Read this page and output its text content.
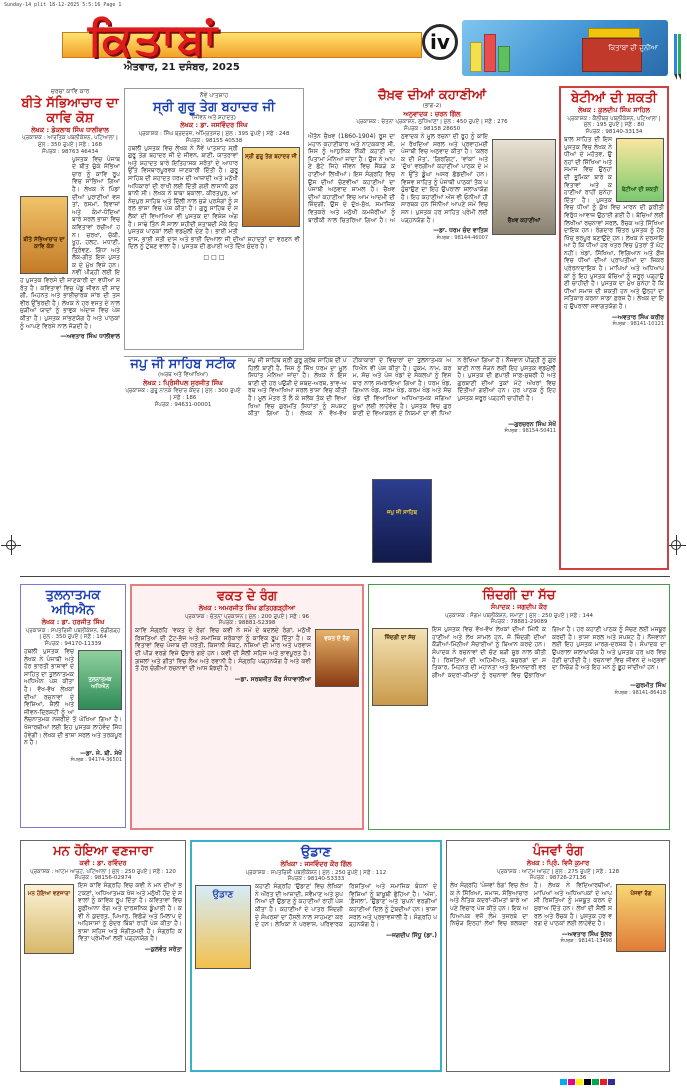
Sunday-14 plit 18-12-2025 5:5:16 Page 1
ਕਿਤਾਬਾਂ	iv
ਐਤਵਾਰ, 21 ਦਸੰਬਰ, 2025
ਕਿਤਾਬਾਂ ਦੀ ਦੁਨੀਆ
ਚਰਚਾ ਕਾਵਿ ਕਾਰ
ਬੀਤੇ ਸੱਭਿਆਚਾਰ ਦਾ ਕਾਵਿ ਕੋਸ਼
ਲੇਖਕ : ਡੋਕਲਾਬ ਸਿੰਘ ਧਾਲੀਵਾਲ
ਪ੍ਰਕਾਸ਼ਕ : ਆਰਤਿਕ ਪਬਲੀਕੇਸ਼ਨ, ਪਟਿਆਲਾ | ਮੁੱਲ : 350 ਰੁਪਏ | ਸਫ਼ੇ : 168
ਸੰਪਰਕ : 98763 46434
ਬੀਤੇ ਸੱਭਿਆਚਾਰ ਦਾ ਕਾਵਿ ਕੋਸ਼
ਪੁਸਤਕ ਵਿਚ ਪੰਜਾਬ ਦੇ ਬੀਤ ਚੁੱਕੇ ਸੱਭਿਆਚਾਰ ਨੂੰ ਕਾਵਿ ਰੂਪ ਵਿਚ ਸਾਂਭਿਆ ਗਿਆ ਹੈ। ਲੇਖਕ ਨੇ ਪਿੰਡਾਂ ਦੀਆਂ ਪੁਰਾਣੀਆਂ ਵਸਤਾਂ, ਰਸਮਾਂ, ਰਿਵਾਜਾਂ ਅਤੇ ਕੰਮਾਂ-ਧੰਦਿਆਂ ਬਾਰੇ ਸਰਲ ਭਾਸ਼ਾ ਵਿਚ ਕਵਿਤਾਵਾਂ ਰਚੀਆਂ ਹਨ। ਚਰਖਾ, ਚੱਕੀ, ਖੂਹ, ਹਲਟ, ਮਧਾਣੀ, ਤ੍ਰਿੰਞਣ, ਗਿੱਧਾ ਅਤੇ ਲੋਕ-ਗੀਤ ਇਸ ਪੁਸਤਕ ਦੇ ਮੁੱਖ ਵਿਸ਼ੇ ਹਨ। ਨਵੀਂ ਪੀੜ੍ਹੀ ਲਈ ਇਹ ਪੁਸਤਕ ਵਿਰਸੇ ਦੀ ਜਾਣਕਾਰੀ ਦਾ ਵਧੀਆ ਸਰੋਤ ਹੈ। ਕਵਿਤਾਵਾਂ ਵਿਚ ਪੇਂਡੂ ਜੀਵਨ ਦੀ ਸਾਦਗੀ, ਮਿਹਨਤ ਅਤੇ ਭਾਈਚਾਰਕ ਸਾਂਝ ਦੀ ਤਸਵੀਰ ਉੱਭਰਦੀ ਹੈ। ਲੇਖਕ ਨੇ ਹਰ ਵਸਤ ਦੇ ਨਾਲ ਜੁੜੀਆਂ ਯਾਦਾਂ ਨੂੰ ਭਾਵੁਕ ਅੰਦਾਜ਼ ਵਿਚ ਪੇਸ਼ ਕੀਤਾ ਹੈ। ਪੁਸਤਕ ਸਾਂਭਣਯੋਗ ਹੈ ਅਤੇ ਪਾਠਕਾਂ ਨੂੰ ਆਪਣੇ ਵਿਰਸੇ ਨਾਲ ਜੋੜਦੀ ਹੈ।
—ਅਵਤਾਰ ਸਿੰਘ ਧਾਲੀਵਾਲ
ਨੌਵੇਂ ਪਾਤਸ਼ਾਹ
ਸ੍ਰੀ ਗੁਰੂ ਤੇਗ ਬਹਾਦਰ ਜੀ
(ਜੀਵਨ ਅਤੇ ਸ਼ਹਾਦਤ)
ਲੇਖਕ : ਡਾ. ਜਸਵਿੰਦਰ ਸਿੰਘ
ਪ੍ਰਕਾਸ਼ਕ : ਸਿੰਘ ਬ੍ਰਦਰਜ਼, ਅੰਮ੍ਰਿਤਸਰ | ਮੁੱਲ : 395 ਰੁਪਏ | ਸਫ਼ੇ : 248
ਸੰਪਰਕ : 98155 40538
ਸ੍ਰੀ ਗੁਰੂ ਤੇਗ ਬਹਾਦਰ ਜੀ
ਹਥਲੀ ਪੁਸਤਕ ਵਿਚ ਲੇਖਕ ਨੇ ਨੌਵੇਂ ਪਾਤਸ਼ਾਹ ਸ੍ਰੀ ਗੁਰੂ ਤੇਗ ਬਹਾਦਰ ਜੀ ਦੇ ਜੀਵਨ, ਬਾਣੀ, ਯਾਤਰਾਵਾਂ ਅਤੇ ਸ਼ਹਾਦਤ ਬਾਰੇ ਇਤਿਹਾਸਕ ਸਰੋਤਾਂ ਦੇ ਆਧਾਰ ਉੱਤੇ ਵਿਸਥਾਰਪੂਰਵਕ ਜਾਣਕਾਰੀ ਦਿੱਤੀ ਹੈ। ਗੁਰੂ ਸਾਹਿਬ ਦੀ ਸ਼ਹਾਦਤ ਧਰਮ ਦੀ ਆਜ਼ਾਦੀ ਅਤੇ ਮਨੁੱਖੀ ਅਧਿਕਾਰਾਂ ਦੀ ਰਾਖੀ ਲਈ ਦਿੱਤੀ ਗਈ ਲਾਸਾਨੀ ਕੁਰਬਾਨੀ ਸੀ। ਲੇਖਕ ਨੇ ਬਾਬਾ ਬਕਾਲਾ, ਕੀਰਤਪੁਰ, ਆਨੰਦਪੁਰ ਸਾਹਿਬ ਅਤੇ ਦਿੱਲੀ ਨਾਲ ਜੁੜੇ ਪ੍ਰਸੰਗਾਂ ਨੂੰ ਸਰਲ ਭਾਸ਼ਾ ਵਿਚ ਪੇਸ਼ ਕੀਤਾ ਹੈ। ਗੁਰੂ ਸਾਹਿਬ ਦੇ ਸਲੋਕਾਂ ਦੀ ਵਿਆਖਿਆ ਵੀ ਪੁਸਤਕ ਦਾ ਵਿਸ਼ੇਸ਼ ਅੰਗ ਹੈ। ਸਾਢੇ ਤਿੰਨ ਸੌ ਸਾਲਾ ਸ਼ਹੀਦੀ ਸ਼ਤਾਬਦੀ ਮੌਕੇ ਇਹ ਪੁਸਤਕ ਪਾਠਕਾਂ ਲਈ ਵਡਮੁੱਲੀ ਦੇਣ ਹੈ। ਭਾਈ ਮਤੀ ਦਾਸ, ਭਾਈ ਸਤੀ ਦਾਸ ਅਤੇ ਭਾਈ ਦਿਆਲਾ ਜੀ ਦੀਆਂ ਸ਼ਹਾਦਤਾਂ ਦਾ ਵਰਣਨ ਵੀ ਦਿਲ ਨੂੰ ਟੁੰਬਣ ਵਾਲਾ ਹੈ। ਪੁਸਤਕ ਦੀ ਛਪਾਈ ਅਤੇ ਦਿੱਖ ਸੁੰਦਰ ਹੈ।
□ □ □
ਚੈਖ਼ਵ ਦੀਆਂ ਕਹਾਣੀਆਂ
(ਭਾਗ-2)
ਅਨੁਵਾਦਕ : ਚਰਨ ਗਿੱਲ
ਪ੍ਰਕਾਸ਼ਕ : ਚੇਤਨਾ ਪ੍ਰਕਾਸ਼ਨ, ਲੁਧਿਆਣਾ | ਮੁੱਲ : 450 ਰੁਪਏ | ਸਫ਼ੇ : 276
ਸੰਪਰਕ : 98158 28650
ਚੈਖ਼ਵ ਕਹਾਣੀਆਂ
ਐਂਤੋਨ ਚੈਖ਼ਵ (1860-1904) ਰੂਸ ਦਾ ਮਹਾਨ ਕਹਾਣੀਕਾਰ ਅਤੇ ਨਾਟਕਕਾਰ ਸੀ, ਜਿਸ ਨੂੰ ਆਧੁਨਿਕ ਨਿੱਕੀ ਕਹਾਣੀ ਦਾ ਪਿਤਾਮਾ ਮੰਨਿਆ ਜਾਂਦਾ ਹੈ। ਉਸ ਨੇ ਆਪਣੇ ਛੋਟੇ ਜਿਹੇ ਜੀਵਨ ਵਿਚ ਸੈਂਕੜੇ ਕਹਾਣੀਆਂ ਲਿਖੀਆਂ। ਇਸ ਸੰਗ੍ਰਹਿ ਵਿਚ ਉਸ ਦੀਆਂ ਚੋਣਵੀਆਂ ਕਹਾਣੀਆਂ ਦਾ ਪੰਜਾਬੀ ਅਨੁਵਾਦ ਸ਼ਾਮਲ ਹੈ। ਚੈਖ਼ਵ ਦੀਆਂ ਕਹਾਣੀਆਂ ਵਿਚ ਆਮ ਆਦਮੀ ਦੀ ਜ਼ਿੰਦਗੀ, ਉਸ ਦੇ ਦੁੱਖ-ਸੁੱਖ, ਸਮਾਜਿਕ ਵਿਤਕਰੇ ਅਤੇ ਮਨੁੱਖੀ ਕਮਜ਼ੋਰੀਆਂ ਨੂੰ ਬਾਰੀਕੀ ਨਾਲ ਚਿਤਰਿਆ ਗਿਆ ਹੈ। ਅਨੁਵਾਦਕ ਨੇ ਮੂਲ ਰਚਨਾ ਦੀ ਰੂਹ ਨੂੰ ਕਾਇਮ ਰੱਖਦਿਆਂ ਸਰਲ ਅਤੇ ਪ੍ਰਵਾਹਮਈ ਪੰਜਾਬੀ ਵਿਚ ਅਨੁਵਾਦ ਕੀਤਾ ਹੈ। 'ਕਲਰਕ ਦੀ ਮੌਤ', 'ਗਿਰਗਿਟ', 'ਵਾਂਕਾ' ਅਤੇ 'ਦੁੱਖ' ਵਰਗੀਆਂ ਕਹਾਣੀਆਂ ਪਾਠਕ ਦੇ ਮਨ ਉੱਤੇ ਡੂੰਘਾ ਅਸਰ ਛੱਡਦੀਆਂ ਹਨ। ਵਿਸ਼ਵ ਸਾਹਿਤ ਨੂੰ ਪੰਜਾਬੀ ਪਾਠਕਾਂ ਤੱਕ ਪਹੁੰਚਾਉਣ ਦਾ ਇਹ ਉਪਰਾਲਾ ਸ਼ਲਾਘਾਯੋਗ ਹੈ। ਇਹ ਕਹਾਣੀਆਂ ਅੱਜ ਵੀ ਓਨੀਆਂ ਹੀ ਸਾਰਥਕ ਹਨ ਜਿੰਨੀਆਂ ਆਪਣੇ ਸਮੇਂ ਵਿਚ ਸਨ। ਪੁਸਤਕ ਹਰ ਸਾਹਿਤ ਪ੍ਰੇਮੀ ਲਈ ਪੜ੍ਹਨਯੋਗ ਹੈ।
—ਡਾ. ਧਰਮ ਚੰਦ ਵਾਤਿਸ਼
ਸੰਪਰਕ : 98144-46007
ਬੇਟੀਆਂ ਦੀ ਸ਼ਕਤੀ
ਲੇਖਕ : ਕੁਲਦੀਪ ਸਿੰਘ ਸਾਹਿਲ
ਪ੍ਰਕਾਸ਼ਕ : ਕੈਲੀਬਰ ਪਬਲੀਕੇਸ਼ਨ, ਪਟਿਆਲਾ | ਮੁੱਲ : 195 ਰੁਪਏ | ਸਫ਼ੇ : 80
ਸੰਪਰਕ : 98140-33134
ਬੇਟੀਆਂ ਦੀ ਸ਼ਕਤੀ
ਬਾਲ ਸਾਹਿਤ ਦੀ ਇਸ ਪੁਸਤਕ ਵਿਚ ਲੇਖਕ ਨੇ ਧੀਆਂ ਦੇ ਮਹੱਤਵ, ਉਨ੍ਹਾਂ ਦੀ ਸਿੱਖਿਆ ਅਤੇ ਸਮਾਜ ਵਿਚ ਉਨ੍ਹਾਂ ਦੀ ਭੂਮਿਕਾ ਬਾਰੇ ਕਵਿਤਾਵਾਂ ਅਤੇ ਕਹਾਣੀਆਂ ਰਾਹੀਂ ਸੁਨੇਹਾ ਦਿੱਤਾ ਹੈ। ਪੁਸਤਕ ਵਿਚ ਧੀਆਂ ਨੂੰ ਕੁੱਖ ਵਿਚ ਮਾਰਨ ਦੀ ਕੁਰੀਤੀ ਵਿਰੁੱਧ ਆਵਾਜ਼ ਉਠਾਈ ਗਈ ਹੈ। ਬੱਚਿਆਂ ਲਈ ਲਿਖੀਆਂ ਰਚਨਾਵਾਂ ਸਰਲ, ਰੌਚਕ ਅਤੇ ਸਿੱਖਿਆਦਾਇਕ ਹਨ। ਰੰਗਦਾਰ ਚਿੱਤਰ ਪੁਸਤਕ ਨੂੰ ਹੋਰ ਖਿੱਚ ਭਰਪੂਰ ਬਣਾਉਂਦੇ ਹਨ। ਲੇਖਕ ਨੇ ਦਰਸਾਇਆ ਹੈ ਕਿ ਧੀਆਂ ਹਰ ਖੇਤਰ ਵਿਚ ਪੁੱਤਰਾਂ ਤੋਂ ਘੱਟ ਨਹੀਂ। ਖੇਡਾਂ, ਸਿੱਖਿਆ, ਵਿਗਿਆਨ ਅਤੇ ਫ਼ੌਜ ਵਿਚ ਧੀਆਂ ਦੀਆਂ ਪ੍ਰਾਪਤੀਆਂ ਦਾ ਜ਼ਿਕਰ ਪ੍ਰੇਰਨਾਦਾਇਕ ਹੈ। ਮਾਪਿਆਂ ਅਤੇ ਅਧਿਆਪਕਾਂ ਨੂੰ ਇਹ ਪੁਸਤਕ ਬੱਚਿਆਂ ਨੂੰ ਜ਼ਰੂਰ ਪੜ੍ਹਾਉਣੀ ਚਾਹੀਦੀ ਹੈ। ਪੁਸਤਕ ਦਾ ਮੁੱਖ ਸੁਨੇਹਾ ਹੈ ਕਿ ਧੀਆਂ ਸਮਾਜ ਦੀ ਸ਼ਕਤੀ ਹਨ ਅਤੇ ਉਨ੍ਹਾਂ ਦਾ ਸਤਿਕਾਰ ਕਰਨਾ ਸਾਡਾ ਫ਼ਰਜ਼ ਹੈ। ਲੇਖਕ ਦਾ ਇਹ ਉਪਰਾਲਾ ਸਵਾਗਤਯੋਗ ਹੈ।
—ਅਵਤਾਰ ਸਿੰਘ ਕਰੀਰ
ਸੰਪਰਕ : 98141-10121
ਜਪੁ ਜੀ ਸਾਹਿਬ ਸਟੀਕ
(ਅਰਥ ਅਤੇ ਵਿਆਖਿਆ)
ਲੇਖਕ : ਪ੍ਰਿੰਸੀਪਲ ਸੁਰਜੀਤ ਸਿੰਘ
ਪ੍ਰਕਾਸ਼ਕ : ਗੁਰੂ ਨਾਨਕ ਵਿਚਾਰ ਕੇਂਦਰ | ਮੁੱਲ : 300 ਰੁਪਏ | ਸਫ਼ੇ : 186
ਸੰਪਰਕ : 94631-00001
ਜਪੁ ਜੀ ਸਾਹਿਬ
ਜਪੁ ਜੀ ਸਾਹਿਬ ਸ੍ਰੀ ਗੁਰੂ ਗ੍ਰੰਥ ਸਾਹਿਬ ਦੀ ਪਹਿਲੀ ਬਾਣੀ ਹੈ, ਜਿਸ ਨੂੰ ਸਿੱਖ ਧਰਮ ਦਾ ਮੂਲ ਸਿਧਾਂਤ ਮੰਨਿਆ ਜਾਂਦਾ ਹੈ। ਲੇਖਕ ਨੇ ਇਸ ਬਾਣੀ ਦੀ ਹਰ ਪਉੜੀ ਦੇ ਸ਼ਬਦ-ਅਰਥ, ਭਾਵ-ਅਰਥ ਅਤੇ ਵਿਆਖਿਆ ਸਰਲ ਭਾਸ਼ਾ ਵਿਚ ਕੀਤੀ ਹੈ। ਮੂਲ ਮੰਤਰ ਤੋਂ ਲੈ ਕੇ ਸਲੋਕ ਤੱਕ ਦੀ ਵਿਆਖਿਆ ਵਿਚ ਗੁਰਮਤਿ ਸਿਧਾਂਤਾਂ ਨੂੰ ਸਪਸ਼ਟ ਕੀਤਾ ਗਿਆ ਹੈ। ਲੇਖਕ ਨੇ ਵੱਖ-ਵੱਖ ਟੀਕਾਕਾਰਾਂ ਦੇ ਵਿਚਾਰਾਂ ਦਾ ਤੁਲਨਾਤਮਕ ਅਧਿਐਨ ਵੀ ਪੇਸ਼ ਕੀਤਾ ਹੈ। ਹੁਕਮ, ਨਾਮ, ਕਰਮ, ਸੱਚ ਅਤੇ ਪੰਜ ਖੰਡਾਂ ਦੇ ਸੰਕਲਪਾਂ ਨੂੰ ਵਿਸਥਾਰ ਨਾਲ ਸਮਝਾਇਆ ਗਿਆ ਹੈ। ਧਰਮ ਖੰਡ, ਗਿਆਨ ਖੰਡ, ਸਰਮ ਖੰਡ, ਕਰਮ ਖੰਡ ਅਤੇ ਸੱਚ ਖੰਡ ਦੀ ਵਿਆਖਿਆ ਅਧਿਆਤਮਕ ਜਗਿਆਸੂਆਂ ਲਈ ਲਾਹੇਵੰਦ ਹੈ। ਪੁਸਤਕ ਵਿਚ ਗੁਰਬਾਣੀ ਦੇ ਵਿਆਕਰਨ ਦੇ ਨਿਯਮਾਂ ਦਾ ਵੀ ਧਿਆਨ ਰੱਖਿਆ ਗਿਆ ਹੈ। ਨੌਜਵਾਨ ਪੀੜ੍ਹੀ ਨੂੰ ਗੁਰਬਾਣੀ ਨਾਲ ਜੋੜਨ ਲਈ ਇਹ ਪੁਸਤਕ ਵਡਮੁੱਲੀ ਹੈ। ਪੁਸਤਕ ਦੀ ਛਪਾਈ ਸਾਫ਼-ਸੁਥਰੀ ਹੈ ਅਤੇ ਗੁਰਬਾਣੀ ਦੀਆਂ ਤੁਕਾਂ ਮੋਟੇ ਅੱਖਰਾਂ ਵਿਚ ਦਿੱਤੀਆਂ ਗਈਆਂ ਹਨ। ਹਰ ਪਾਠਕ ਨੂੰ ਇਹ ਪੁਸਤਕ ਜ਼ਰੂਰ ਪੜ੍ਹਨੀ ਚਾਹੀਦੀ ਹੈ।
—ਗੁਰਚਰਨ ਸਿੰਘ ਸੇਖੋਂ
ਸੰਪਰਕ : 98154-50411
ਤੁਲਨਾਤਮਕ ਅਧਿਐਨ
ਲੇਖਕ : ਡਾ. ਹਰਜੀਤ ਸਿੰਘ
ਪ੍ਰਕਾਸ਼ਕ : ਸਪਤਰਿਸ਼ੀ ਪਬਲੀਕੇਸ਼ਨ, ਚੰਡੀਗੜ੍ਹ | ਮੁੱਲ : 350 ਰੁਪਏ | ਸਫ਼ੇ : 164
ਸੰਪਰਕ : 94170-11339
ਤੁਲਨਾਤਮਕ ਅਧਿਐਨ
ਹਥਲੀ ਪੁਸਤਕ ਵਿਚ ਲੇਖਕ ਨੇ ਪੰਜਾਬੀ ਅਤੇ ਹੋਰ ਭਾਰਤੀ ਭਾਸ਼ਾਵਾਂ ਦੇ ਸਾਹਿਤ ਦਾ ਤੁਲਨਾਤਮਕ ਅਧਿਐਨ ਪੇਸ਼ ਕੀਤਾ ਹੈ। ਵੱਖ-ਵੱਖ ਲੇਖਕਾਂ ਦੀਆਂ ਰਚਨਾਵਾਂ ਦੇ ਵਿਸ਼ਿਆਂ, ਸ਼ੈਲੀ ਅਤੇ ਜੀਵਨ-ਦ੍ਰਿਸ਼ਟੀ ਨੂੰ ਆਲੋਚਨਾਤਮਕ ਨਜ਼ਰੀਏ ਤੋਂ ਘੋਖਿਆ ਗਿਆ ਹੈ। ਖੋਜਾਰਥੀਆਂ ਲਈ ਇਹ ਪੁਸਤਕ ਲਾਹੇਵੰਦ ਸਿੱਧ ਹੋਵੇਗੀ। ਲੇਖਕ ਦੀ ਭਾਸ਼ਾ ਸਰਲ ਅਤੇ ਤਰਕਪੂਰਨ ਹੈ।
—ਡਾ. ਜੇ. ਬੀ. ਸੇਖੋਂ
ਸੰਪਰਕ : 94174-36501
ਵਕਤ ਦੇ ਰੰਗ
ਲੇਖਕ : ਅਮਰਜੀਤ ਸਿੰਘ ਫ਼ਤਿਹਗੜ੍ਹੀਆ
ਪ੍ਰਕਾਸ਼ਕ : ਚੇਤਨਾ ਪ੍ਰਕਾਸ਼ਨ | ਮੁੱਲ : 200 ਰੁਪਏ | ਸਫ਼ੇ : 96
ਸੰਪਰਕ : 98881-52398
ਵਕਤ ਦੇ ਰੰਗ
ਕਾਵਿ ਸੰਗ੍ਰਹਿ 'ਵਕਤ ਦੇ ਰੰਗ' ਵਿਚ ਕਵੀ ਨੇ ਸਮੇਂ ਦੇ ਬਦਲਦੇ ਰੰਗਾਂ, ਮਨੁੱਖੀ ਰਿਸ਼ਤਿਆਂ ਦੀ ਟੁੱਟ-ਭੱਜ ਅਤੇ ਸਮਾਜਿਕ ਸਰੋਕਾਰਾਂ ਨੂੰ ਕਾਵਿਕ ਰੂਪ ਦਿੱਤਾ ਹੈ। ਕਵਿਤਾਵਾਂ ਵਿਚ ਪੰਜਾਬ ਦੀ ਧਰਤੀ, ਕਿਸਾਨੀ ਸੰਕਟ, ਨਸ਼ਿਆਂ ਦੀ ਮਾਰ ਅਤੇ ਪਰਵਾਸ ਦੀ ਪੀੜ ਵਰਗੇ ਵਿਸ਼ੇ ਉਭਾਰੇ ਗਏ ਹਨ। ਕਵੀ ਦੀ ਸ਼ੈਲੀ ਸਹਿਜ ਅਤੇ ਭਾਵਪੂਰਤ ਹੈ। ਗ਼ਜ਼ਲਾਂ ਅਤੇ ਗੀਤਾਂ ਵਿਚ ਲੈਅ ਅਤੇ ਰਵਾਨੀ ਹੈ। ਸੰਗ੍ਰਹਿ ਪੜ੍ਹਨਯੋਗ ਹੈ ਅਤੇ ਕਵੀ ਤੋਂ ਹੋਰ ਚੰਗੀਆਂ ਰਚਨਾਵਾਂ ਦੀ ਆਸ ਬੱਝਦੀ ਹੈ।
—ਡਾ. ਸਰਬਜੀਤ ਕੌਰ ਸੰਧਾਵਾਲੀਆ
ਜ਼ਿੰਦਗੀ ਦਾ ਸੱਚ
ਸੰਪਾਦਕ : ਜਗਦੀਪ ਕੌਰ
ਪ੍ਰਕਾਸ਼ਕ : ਸੰਗਮ ਪਬਲੀਕੇਸ਼ਨ, ਸਮਾਣਾ | ਮੁੱਲ : 250 ਰੁਪਏ | ਸਫ਼ੇ : 144
ਸੰਪਰਕ : 78881-29089
ਜ਼ਿੰਦਗੀ ਦਾ ਸੱਚ
ਇਸ ਪੁਸਤਕ ਵਿਚ ਵੱਖ-ਵੱਖ ਲੇਖਕਾਂ ਦੀਆਂ ਮਿੰਨੀ ਕਹਾਣੀਆਂ ਅਤੇ ਲੇਖ ਸ਼ਾਮਲ ਹਨ, ਜੋ ਜ਼ਿੰਦਗੀ ਦੀਆਂ ਕੌੜੀਆਂ-ਮਿੱਠੀਆਂ ਸੱਚਾਈਆਂ ਨੂੰ ਬਿਆਨ ਕਰਦੇ ਹਨ। ਸੰਪਾਦਕ ਨੇ ਰਚਨਾਵਾਂ ਦੀ ਚੋਣ ਬੜੀ ਸੂਝ ਨਾਲ ਕੀਤੀ ਹੈ। ਰਿਸ਼ਤਿਆਂ ਦੀ ਅਹਿਮੀਅਤ, ਬਜ਼ੁਰਗਾਂ ਦਾ ਸਤਿਕਾਰ, ਮਿਹਨਤ ਦੀ ਮਹਾਨਤਾ ਅਤੇ ਇਮਾਨਦਾਰੀ ਵਰਗੀਆਂ ਕਦਰਾਂ-ਕੀਮਤਾਂ ਨੂੰ ਰਚਨਾਵਾਂ ਵਿਚ ਉਭਾਰਿਆ ਗਿਆ ਹੈ। ਹਰ ਕਹਾਣੀ ਪਾਠਕ ਨੂੰ ਸੋਚਣ ਲਈ ਮਜਬੂਰ ਕਰਦੀ ਹੈ। ਭਾਸ਼ਾ ਸਰਲ ਅਤੇ ਸਪਸ਼ਟ ਹੈ। ਨੌਜਵਾਨਾਂ ਲਈ ਇਹ ਪੁਸਤਕ ਮਾਰਗ-ਦਰਸ਼ਕ ਹੈ। ਸੰਪਾਦਕ ਦਾ ਉਪਰਾਲਾ ਸ਼ਲਾਘਾਯੋਗ ਹੈ ਅਤੇ ਪੁਸਤਕ ਹਰ ਘਰ ਵਿਚ ਹੋਣੀ ਚਾਹੀਦੀ ਹੈ। ਰਚਨਾਵਾਂ ਵਿਚ ਜੀਵਨ ਦੇ ਅਨੁਭਵਾਂ ਦਾ ਨਿਚੋੜ ਹੈ ਅਤੇ ਇਹ ਮਨ ਨੂੰ ਛੂਹ ਜਾਂਦੀਆਂ ਹਨ।
—ਗੁਰਮੀਤ ਸਿੰਘ
ਸੰਪਰਕ : 98141-86418
ਮਨ ਹੋਇਆ ਵਣਜਾਰਾ
ਕਵੀ : ਡਾ. ਰਵਿੰਦਰ
ਪ੍ਰਕਾਸ਼ਕ : ਆਟਮ ਆਰਟ, ਪਟਿਆਲਾ | ਮੁੱਲ : 250 ਰੁਪਏ | ਸਫ਼ੇ : 120
ਸੰਪਰਕ : 98156-02974
ਮਨ ਹੋਇਆ ਵਣਜਾਰਾ
ਇਸ ਕਾਵਿ ਸੰਗ੍ਰਹਿ ਵਿਚ ਕਵੀ ਨੇ ਮਨ ਦੀਆਂ ਭਟਕਣਾਂ, ਅਧਿਆਤਮਕ ਖੋਜ ਅਤੇ ਮਨੁੱਖੀ ਹੋਂਦ ਦੇ ਸਵਾਲਾਂ ਨੂੰ ਕਾਵਿਕ ਰੂਪ ਦਿੱਤਾ ਹੈ। ਕਵਿਤਾਵਾਂ ਵਿਚ ਸੂਫ਼ੀਆਨਾ ਰੰਗ ਅਤੇ ਦਾਰਸ਼ਨਿਕ ਡੂੰਘਾਈ ਹੈ। ਕਵੀ ਨੇ ਕੁਦਰਤ, ਪਿਆਰ, ਵਿਛੋੜੇ ਅਤੇ ਮਿਲਾਪ ਦੇ ਅਹਿਸਾਸਾਂ ਨੂੰ ਸੁੰਦਰ ਬਿੰਬਾਂ ਰਾਹੀਂ ਪੇਸ਼ ਕੀਤਾ ਹੈ। ਭਾਸ਼ਾ ਸਹਿਜ ਅਤੇ ਸੰਗੀਤਮਈ ਹੈ। ਸੰਗ੍ਰਹਿ ਕਵਿਤਾ ਪ੍ਰੇਮੀਆਂ ਲਈ ਪੜ੍ਹਨਯੋਗ ਹੈ।
—ਕੁਲਵੰਤ ਸਰੋਤਾ
ਉਡਾਣ
ਲੇਖਿਕਾ : ਜਸਵਿੰਦਰ ਕੌਰ ਗਿੱਲ
ਪ੍ਰਕਾਸ਼ਕ : ਸਪਤਰਿਸ਼ੀ ਪਬਲੀਕੇਸ਼ਨ | ਮੁੱਲ : 250 ਰੁਪਏ | ਸਫ਼ੇ : 112
ਸੰਪਰਕ : 98140-53333
ਉਡਾਣ
ਕਹਾਣੀ ਸੰਗ੍ਰਹਿ 'ਉਡਾਣ' ਵਿਚ ਲੇਖਿਕਾ ਨੇ ਔਰਤ ਦੀ ਆਜ਼ਾਦੀ, ਸਵੈਮਾਣ ਅਤੇ ਸੁਪਨਿਆਂ ਦੀ ਉਡਾਣ ਨੂੰ ਕਹਾਣੀਆਂ ਰਾਹੀਂ ਪੇਸ਼ ਕੀਤਾ ਹੈ। ਕਹਾਣੀਆਂ ਦੇ ਪਾਤਰ ਜ਼ਿੰਦਗੀ ਦੇ ਸੰਘਰਸ਼ਾਂ ਦਾ ਹੌਸਲੇ ਨਾਲ ਸਾਹਮਣਾ ਕਰਦੇ ਹਨ। ਲੇਖਿਕਾ ਨੇ ਪਰਵਾਸ, ਪਰਿਵਾਰਕ ਰਿਸ਼ਤਿਆਂ ਅਤੇ ਸਮਾਜਿਕ ਬੰਧਨਾਂ ਦੇ ਵਿਸ਼ਿਆਂ ਨੂੰ ਬਾਖ਼ੂਬੀ ਛੋਹਿਆ ਹੈ। 'ਅੱਜ', 'ਫ਼ੈਸਲਾ', 'ਉਡਾਣ' ਅਤੇ 'ਸੁਪਨੇ' ਵਰਗੀਆਂ ਕਹਾਣੀਆਂ ਦਿਲ ਨੂੰ ਟੁੰਬਦੀਆਂ ਹਨ। ਭਾਸ਼ਾ ਸਰਲ ਅਤੇ ਪ੍ਰਭਾਵਸ਼ਾਲੀ ਹੈ। ਸੰਗ੍ਰਹਿ ਪੜ੍ਹਨਯੋਗ ਹੈ।
—ਜਗਦੀਪ ਸਿੱਧੂ (ਡਾ.)
ਪੰਜਵਾਂ ਰੰਗ
ਲੇਖਕ : ਪ੍ਰਿੰ. ਵਿਜੈ ਕੁਮਾਰ
ਪ੍ਰਕਾਸ਼ਕ : ਆਟਮ ਆਰਟ | ਮੁੱਲ : 275 ਰੁਪਏ | ਸਫ਼ੇ : 128
ਸੰਪਰਕ : 98726-27136
ਪੰਜਵਾਂ ਰੰਗ
ਲੇਖ ਸੰਗ੍ਰਹਿ 'ਪੰਜਵਾਂ ਰੰਗ' ਵਿਚ ਲੇਖਕ ਨੇ ਸਿੱਖਿਆ, ਸਮਾਜ, ਸੱਭਿਆਚਾਰ ਅਤੇ ਨੈਤਿਕ ਕਦਰਾਂ-ਕੀਮਤਾਂ ਬਾਰੇ ਆਪਣੇ ਵਿਚਾਰ ਪੇਸ਼ ਕੀਤੇ ਹਨ। ਇਕ ਅਧਿਆਪਕ ਵਜੋਂ ਲੰਮੇ ਤਜਰਬੇ ਦਾ ਨਿਚੋੜ ਇਨ੍ਹਾਂ ਲੇਖਾਂ ਵਿਚ ਝਲਕਦਾ ਹੈ। ਲੇਖਕ ਨੇ ਵਿਦਿਆਰਥੀਆਂ, ਮਾਪਿਆਂ ਅਤੇ ਅਧਿਆਪਕਾਂ ਦੇ ਆਪਸੀ ਰਿਸ਼ਤਿਆਂ ਨੂੰ ਮਜ਼ਬੂਤ ਕਰਨ ਦੇ ਸੁਝਾਅ ਦਿੱਤੇ ਹਨ। ਲੇਖਾਂ ਦੀ ਸ਼ੈਲੀ ਸਰਲ ਅਤੇ ਰੌਚਕ ਹੈ। ਪੁਸਤਕ ਹਰ ਵਰਗ ਦੇ ਪਾਠਕਾਂ ਲਈ ਲਾਹੇਵੰਦ ਹੈ।
—ਅਵਤਾਰ ਸਿੰਘ ਭੁੱਲਰ
ਸੰਪਰਕ : 98141-13498
